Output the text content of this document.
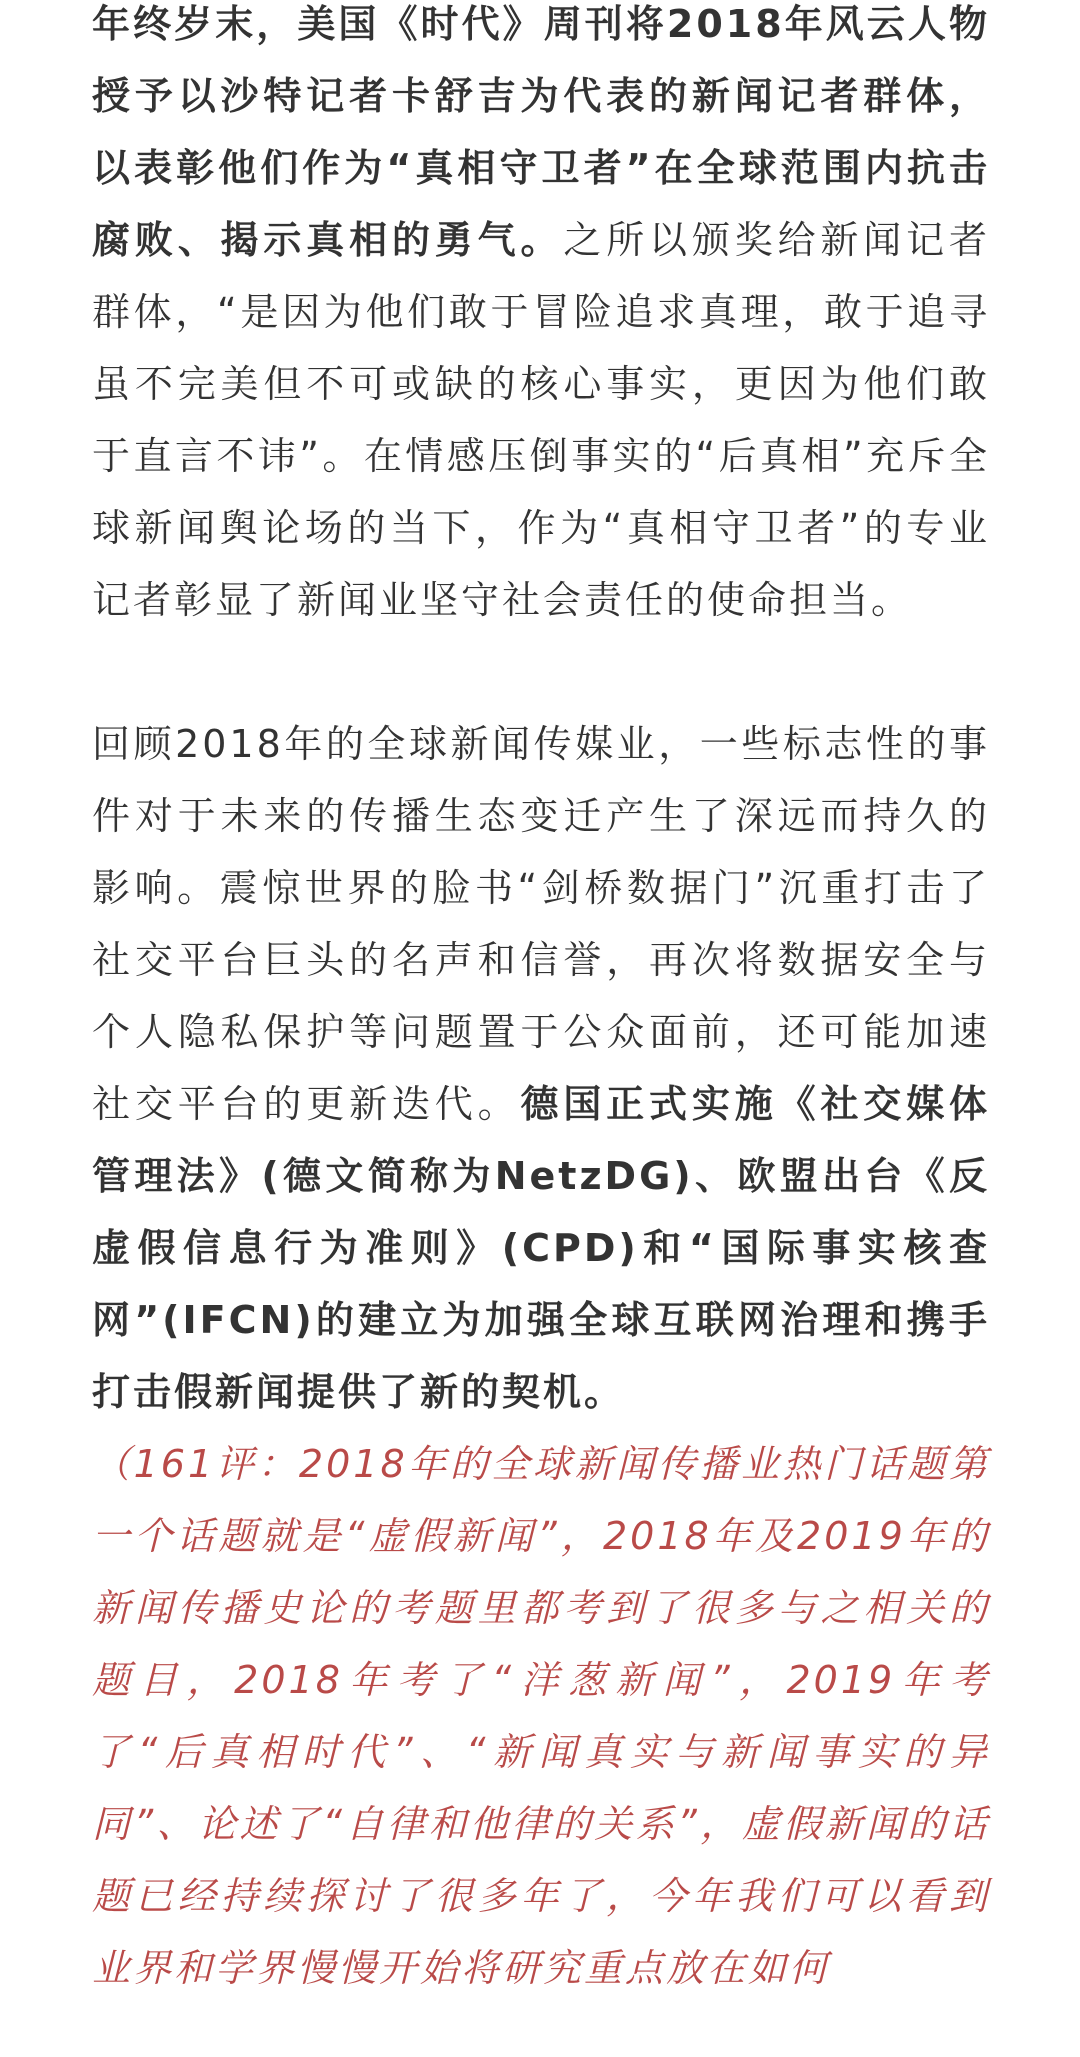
年终岁末，美国《时代》周刊将2018年风云人物授予以沙特记者卡舒吉为代表的新闻记者群体，以表彰他们作为“真相守卫者”在全球范围内抗击腐败、揭示真相的勇气。之所以颁奖给新闻记者群体，“是因为他们敢于冒险追求真理，敢于追寻虽不完美但不可或缺的核心事实，更因为他们敢于直言不讳”。在情感压倒事实的“后真相”充斥全球新闻舆论场的当下，作为“真相守卫者”的专业记者彰显了新闻业坚守社会责任的使命担当。

回顾2018年的全球新闻传媒业，一些标志性的事件对于未来的传播生态变迁产生了深远而持久的影响。震惊世界的脸书“剑桥数据门”沉重打击了社交平台巨头的名声和信誉，再次将数据安全与个人隐私保护等问题置于公众面前，还可能加速社交平台的更新迭代。德国正式实施《社交媒体管理法》(德文简称为NetzDG)、欧盟出台《反虚假信息行为准则》(CPD)和“国际事实核查网”(IFCN)的建立为加强全球互联网治理和携手打击假新闻提供了新的契机。

（161评：2018年的全球新闻传播业热门话题第一个话题就是“虚假新闻”，2018年及2019年的新闻传播史论的考题里都考到了很多与之相关的题目，2018年考了“洋葱新闻”，2019年考了“后真相时代”、“新闻真实与新闻事实的异同”、论述了“自律和他律的关系”，虚假新闻的话题已经持续探讨了很多年了，今年我们可以看到业界和学界慢慢开始将研究重点放在如何
